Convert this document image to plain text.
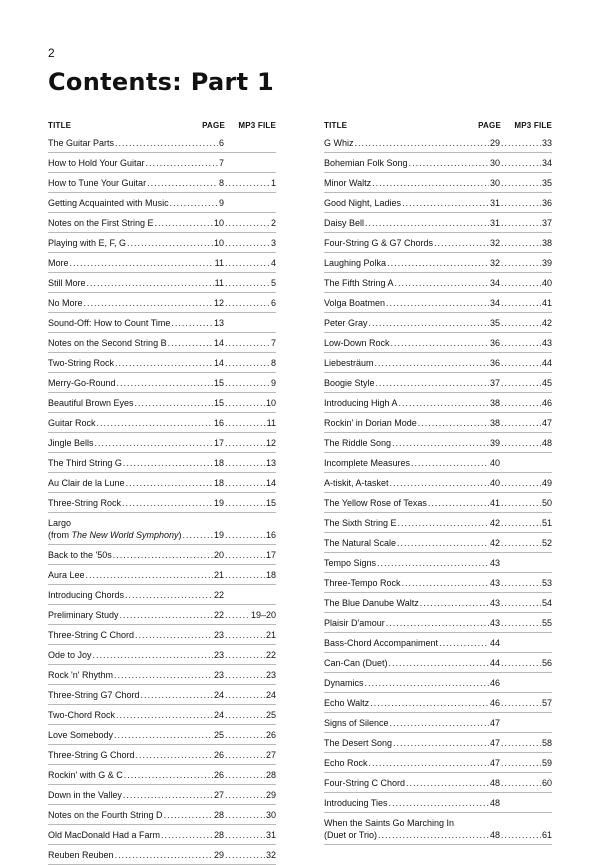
2
Contents: Part 1
TITLE	PAGE MP3 FILE
The Guitar Parts .....	6
How to Hold Your Guitar .....	7
How to Tune Your Guitar .....	8 .....	1
Getting Acquainted with Music .....	9
Notes on the First String E .....	10 .....	2
Playing with E, F, G .....	10 .....	3
More .....	11 .....	4
Still More .....	11 .....	5
No More .....	12 .....	6
Sound-Off: How to Count Time .....	13
Notes on the Second String B .....	14 .....	7
Two-String Rock .....	14 .....	8
Merry-Go-Round .....	15 .....	9
Beautiful Brown Eyes .....	15 .....	10
Guitar Rock .....	16 .....	11
Jingle Bells .....	17 .....	12
The Third String G .....	18 .....	13
Au Clair de la Lune .....	18 .....	14
Three-String Rock .....	19 .....	15
Largo
(from The New World Symphony) .....	19 .....	16
Back to the '50s .....	20 .....	17
Aura Lee .....	21 .....	18
Introducing Chords .....	22
Preliminary Study .....	22 .....	19–20
Three-String C Chord .....	23 .....	21
Ode to Joy .....	23 .....	22
Rock 'n' Rhythm .....	23 .....	23
Three-String G7 Chord .....	24 .....	24
Two-Chord Rock .....	24 .....	25
Love Somebody .....	25 .....	26
Three-String G Chord .....	26 .....	27
Rockin' with G & C .....	26 .....	28
Down in the Valley .....	27 .....	29
Notes on the Fourth String D .....	28 .....	30
Old MacDonald Had a Farm .....	28 .....	31
Reuben Reuben .....	29 .....	32
TITLE	PAGE MP3 FILE
G Whiz .....	29 .....	33
Bohemian Folk Song .....	30 .....	34
Minor Waltz .....	30 .....	35
Good Night, Ladies .....	31 .....	36
Daisy Bell .....	31 .....	37
Four-String G & G7 Chords .....	32 .....	38
Laughing Polka .....	32 .....	39
The Fifth String A .....	34 .....	40
Volga Boatmen .....	34 .....	41
Peter Gray .....	35 .....	42
Low-Down Rock .....	36 .....	43
Liebesträum .....	36 .....	44
Boogie Style .....	37 .....	45
Introducing High A .....	38 .....	46
Rockin' in Dorian Mode .....	38 .....	47
The Riddle Song .....	39 .....	48
Incomplete Measures .....	40
A-tiskit, A-tasket .....	40 .....	49
The Yellow Rose of Texas .....	41 .....	50
The Sixth String E .....	42 .....	51
The Natural Scale .....	42 .....	52
Tempo Signs .....	43
Three-Tempo Rock .....	43 .....	53
The Blue Danube Waltz .....	43 .....	54
Plaisir D'amour .....	43 .....	55
Bass-Chord Accompaniment .....	44
Can-Can (Duet) .....	44 .....	56
Dynamics .....	46
Echo Waltz .....	46 .....	57
Signs of Silence .....	47
The Desert Song .....	47 .....	58
Echo Rock .....	47 .....	59
Four-String C Chord .....	48 .....	60
Introducing Ties .....	48
When the Saints Go Marching In
(Duet or Trio) .....	48 .....	61
